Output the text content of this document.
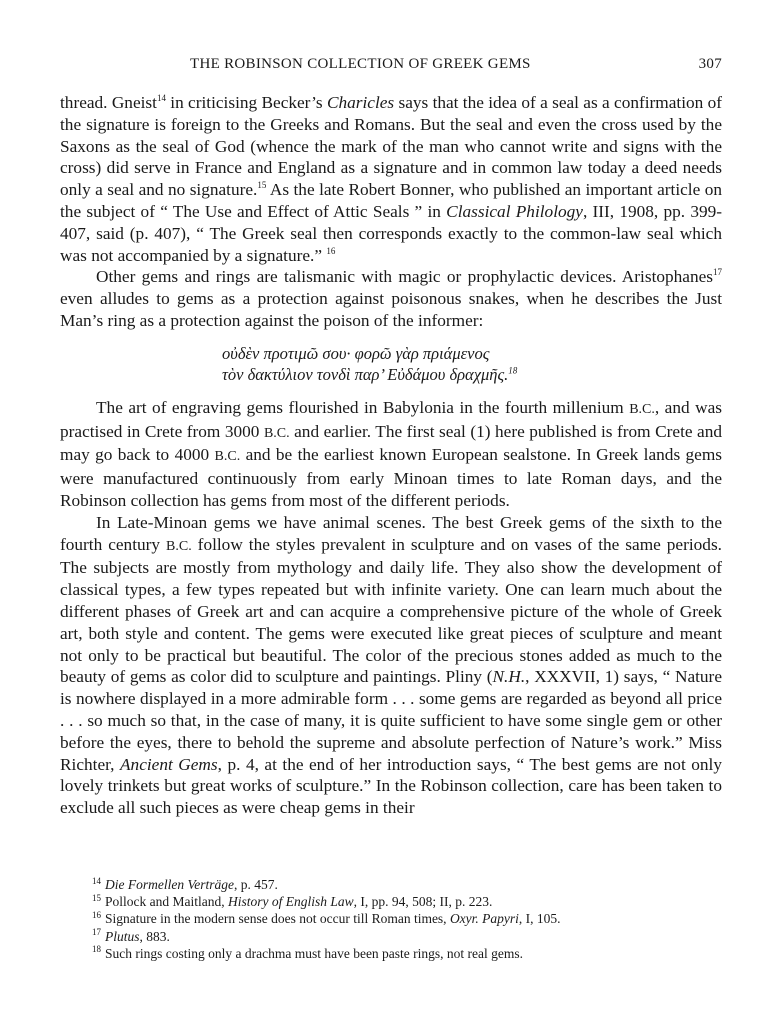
THE ROBINSON COLLECTION OF GREEK GEMS	307

thread. Gneist$^{14}$ in criticising Becker’s Charicles says that the idea of a seal as a confirmation of the signature is foreign to the Greeks and Romans. But the seal and even the cross used by the Saxons as the seal of God (whence the mark of the man who cannot write and signs with the cross) did serve in France and England as a signature and in common law today a deed needs only a seal and no signature.$^{15}$ As the late Robert Bonner, who published an important article on the subject of “ The Use and Effect of Attic Seals ” in Classical Philology, III, 1908, pp. 399-407, said (p. 407), “ The Greek seal then corresponds exactly to the common-law seal which was not accompanied by a signature.” $^{16}$

Other gems and rings are talismanic with magic or prophylactic devices. Aristophanes$^{17}$ even alludes to gems as a protection against poisonous snakes, when he describes the Just Man’s ring as a protection against the poison of the informer:

οὐδὲν προτιμῶ σου· φορῶ γὰρ πριάμενος
τὸν δακτύλιον τονδὶ παρ’ Εὐδάμου δραχμῆς.$^{18}$

The art of engraving gems flourished in Babylonia in the fourth millenium B.C., and was practised in Crete from 3000 B.C. and earlier. The first seal (1) here published is from Crete and may go back to 4000 B.C. and be the earliest known European sealstone. In Greek lands gems were manufactured continuously from early Minoan times to late Roman days, and the Robinson collection has gems from most of the different periods.

In Late-Minoan gems we have animal scenes. The best Greek gems of the sixth to the fourth century B.C. follow the styles prevalent in sculpture and on vases of the same periods. The subjects are mostly from mythology and daily life. They also show the development of classical types, a few types repeated but with infinite variety. One can learn much about the different phases of Greek art and can acquire a comprehensive picture of the whole of Greek art, both style and content. The gems were executed like great pieces of sculpture and meant not only to be practical but beautiful. The color of the precious stones added as much to the beauty of gems as color did to sculpture and paintings. Pliny (N.H., XXXVII, 1) says, “ Nature is nowhere displayed in a more admirable form . . . some gems are regarded as beyond all price . . . so much so that, in the case of many, it is quite sufficient to have some single gem or other before the eyes, there to behold the supreme and absolute perfection of Nature’s work.” Miss Richter, Ancient Gems, p. 4, at the end of her introduction says, “ The best gems are not only lovely trinkets but great works of sculpture.” In the Robinson collection, care has been taken to exclude all such pieces as were cheap gems in their

$^{14}$ Die Formellen Verträge, p. 457.

$^{15}$ Pollock and Maitland, History of English Law, I, pp. 94, 508; II, p. 223.

$^{16}$ Signature in the modern sense does not occur till Roman times, Oxyr. Papyri, I, 105.

$^{17}$ Plutus, 883.

$^{18}$ Such rings costing only a drachma must have been paste rings, not real gems.
